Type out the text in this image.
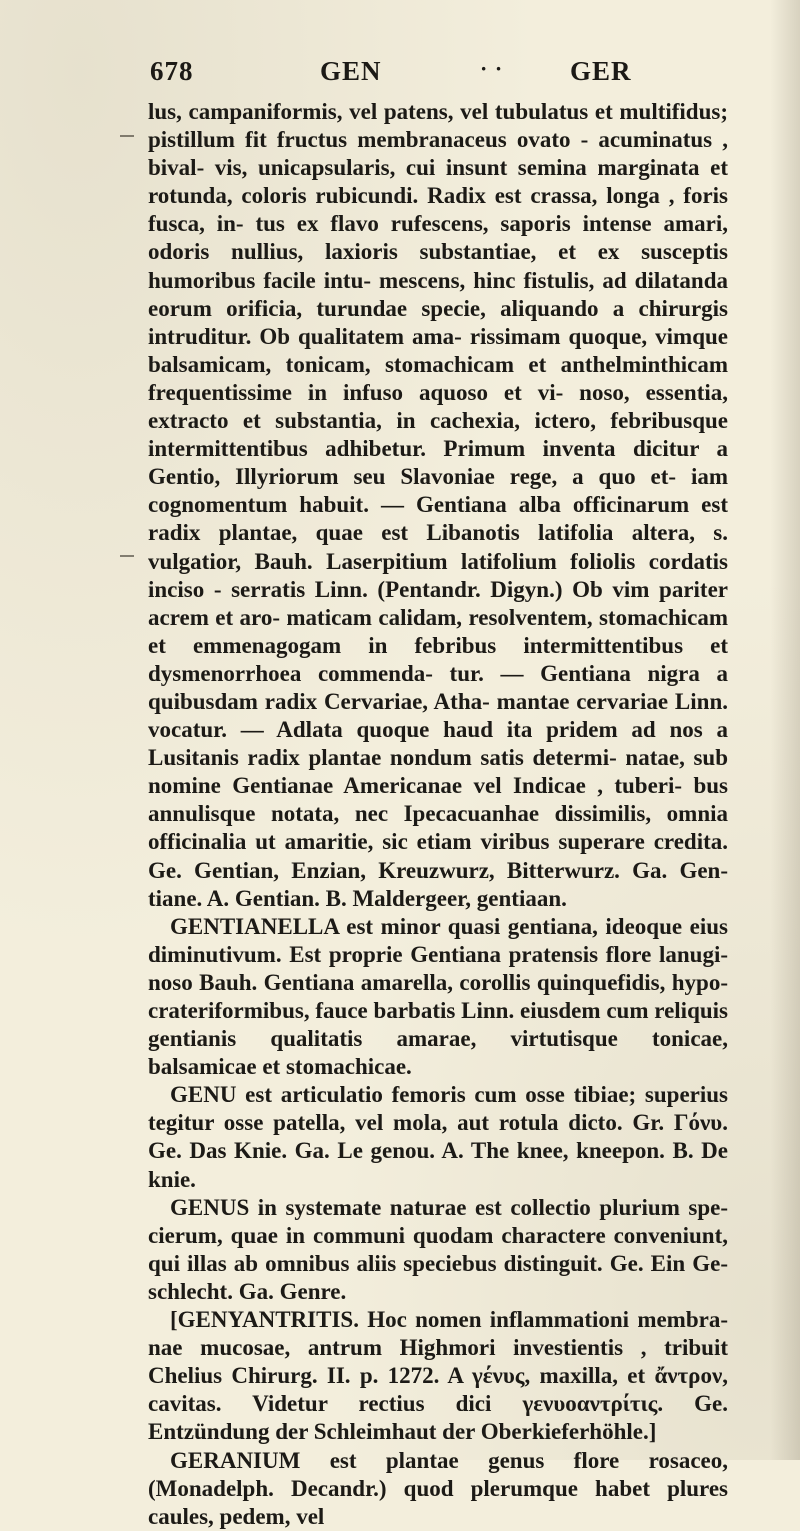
678	GEN	· · GER

lus, campaniformis, vel patens, vel tubulatus et multifidus; pistillum fit fructus membranaceus ovato - acuminatus , bival- vis, unicapsularis, cui insunt semina marginata et rotunda, coloris rubicundi. Radix est crassa, longa , foris fusca, in- tus ex flavo rufescens, saporis intense amari, odoris nullius, laxioris substantiae, et ex susceptis humoribus facile intu- mescens, hinc fistulis, ad dilatanda eorum orificia, turundae specie, aliquando a chirurgis intruditur. Ob qualitatem ama- rissimam quoque, vimque balsamicam, tonicam, stomachicam et anthelminthicam frequentissime in infuso aquoso et vi- noso, essentia, extracto et substantia, in cachexia, ictero, febribusque intermittentibus adhibetur. Primum inventa dicitur a Gentio, Illyriorum seu Slavoniae rege, a quo et- iam cognomentum habuit. — Gentiana alba officinarum est radix plantae, quae est Libanotis latifolia altera, s. vulgatior, Bauh. Laserpitium latifolium foliolis cordatis inciso - serratis Linn. (Pentandr. Digyn.) Ob vim pariter acrem et aro- maticam calidam, resolventem, stomachicam et emmenagogam in febribus intermittentibus et dysmenorrhoea commenda- tur. — Gentiana nigra a quibusdam radix Cervariae, Atha- mantae cervariae Linn. vocatur. — Adlata quoque haud ita pridem ad nos a Lusitanis radix plantae nondum satis determi- natae, sub nomine Gentianae Americanae vel Indicae , tuberi- bus annulisque notata, nec Ipecacuanhae dissimilis, omnia officinalia ut amaritie, sic etiam viribus superare credita. Ge. Gentian, Enzian, Kreuzwurz, Bitterwurz. Ga. Gen- tiane. A. Gentian. B. Maldergeer, gentiaan.

GENTIANELLA est minor quasi gentiana, ideoque eius diminutivum. Est proprie Gentiana pratensis flore lanugi- noso Bauh. Gentiana amarella, corollis quinquefidis, hypo- crateriformibus, fauce barbatis Linn. eiusdem cum reliquis gentianis qualitatis amarae, virtutisque tonicae, balsamicae et stomachicae.

GENU est articulatio femoris cum osse tibiae; superius tegitur osse patella, vel mola, aut rotula dicto. Gr. Γόνυ. Ge. Das Knie. Ga. Le genou. A. The knee, kneepon. B. De knie.

GENUS in systemate naturae est collectio plurium spe- cierum, quae in communi quodam charactere conveniunt, qui illas ab omnibus aliis speciebus distinguit. Ge. Ein Ge- schlecht. Ga. Genre.

[GENYANTRITIS. Hoc nomen inflammationi membra- nae mucosae, antrum Highmori investientis , tribuit Chelius Chirurg. II. p. 1272. A γένυς, maxilla, et ἄντρον, cavitas. Videtur rectius dici γενυοαντρίτις. Ge. Entzündung der Schleimhaut der Oberkieferhöhle.]

GERANIUM est plantae genus flore rosaceo, (Monadelph. Decandr.) quod plerumque habet plures caules, pedem, vel
